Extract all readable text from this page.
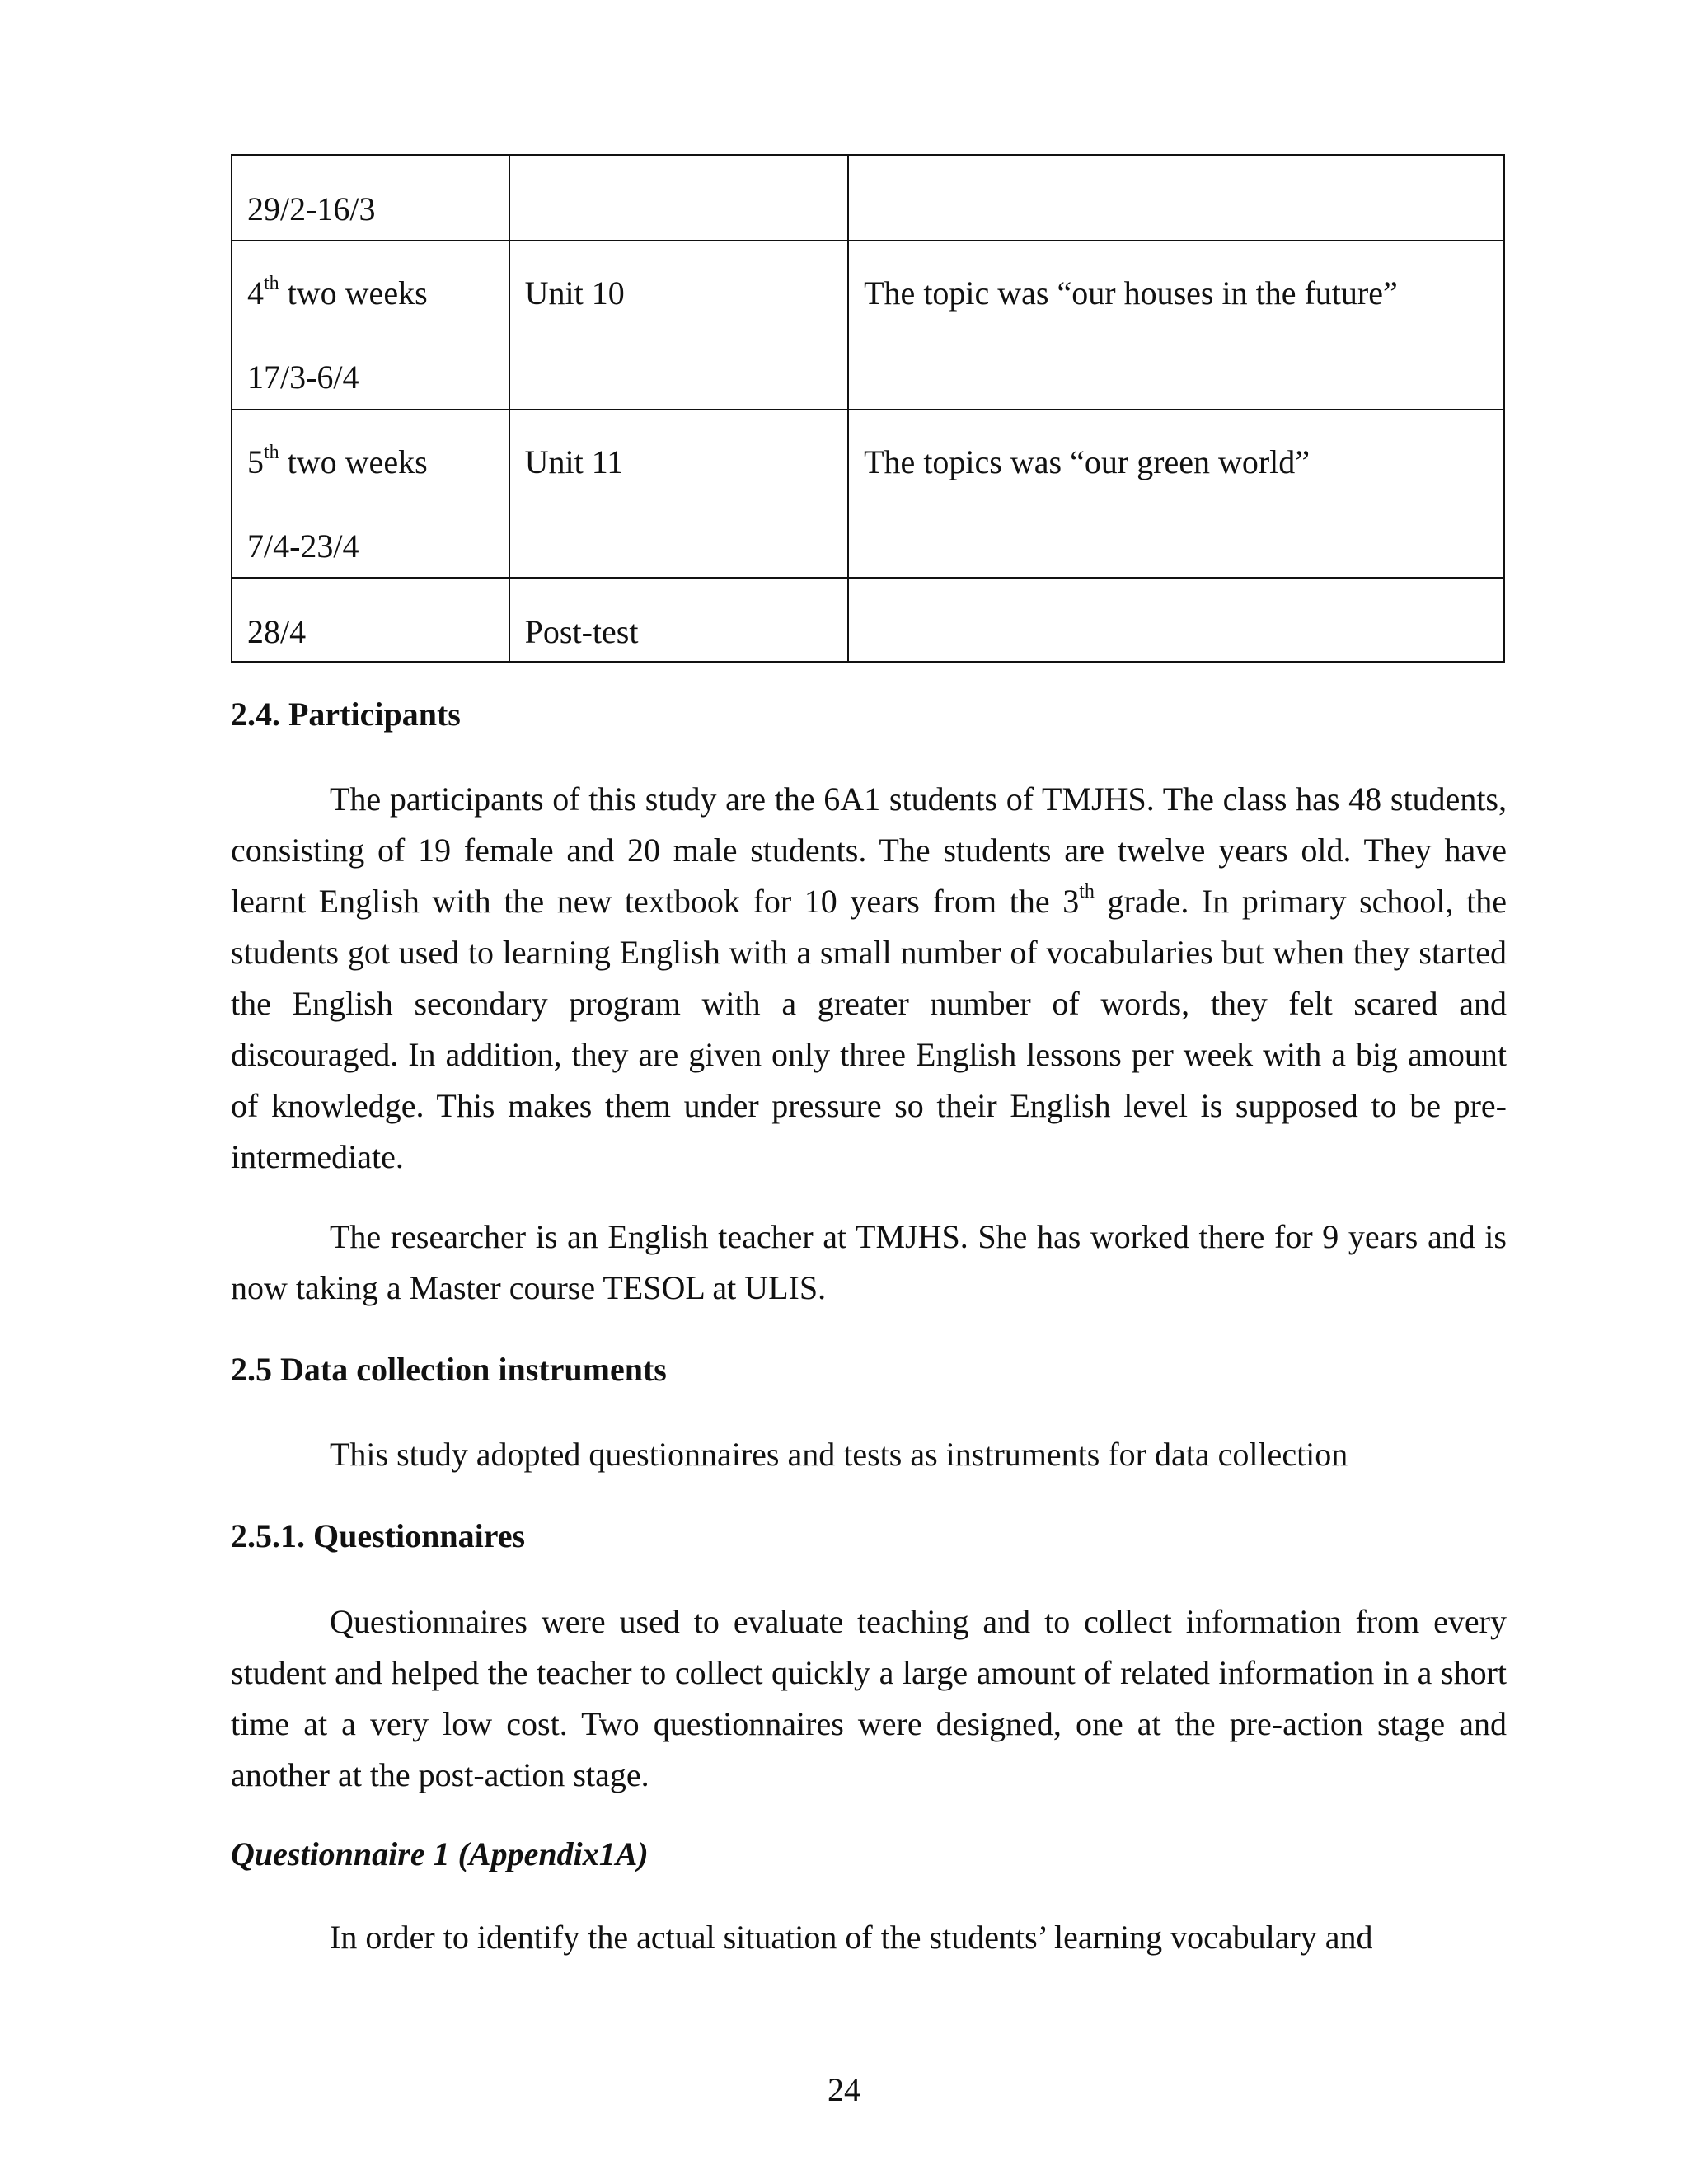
29/2-16/3		

4th two weeks
17/3-6/4	Unit 10	The topic was “our houses in the future”

5th two weeks
7/4-23/4	Unit 11	The topics was “our green world”

28/4	Post-test	

2.4. Participants

The participants of this study are the 6A1 students of TMJHS. The class has 48 students, consisting of 19 female and 20 male students. The students are twelve years old. They have learnt English with the new textbook for 10 years from the 3th grade. In primary school, the students got used to learning English with a small number of vocabularies but when they started the English secondary program with a greater number of words, they felt scared and discouraged. In addition, they are given only three English lessons per week with a big amount of knowledge. This makes them under pressure so their English level is supposed to be pre-intermediate.

The researcher is an English teacher at TMJHS. She has worked there for 9 years and is now taking a Master course TESOL at ULIS.

2.5 Data collection instruments

This study adopted questionnaires and tests as instruments for data collection

2.5.1. Questionnaires

Questionnaires were used to evaluate teaching and to collect information from every student and helped the teacher to collect quickly a large amount of related information in a short time at a very low cost. Two questionnaires were designed, one at the pre-action stage and another at the post-action stage.

Questionnaire 1 (Appendix1A)

In order to identify the actual situation of the students’ learning vocabulary and

24
